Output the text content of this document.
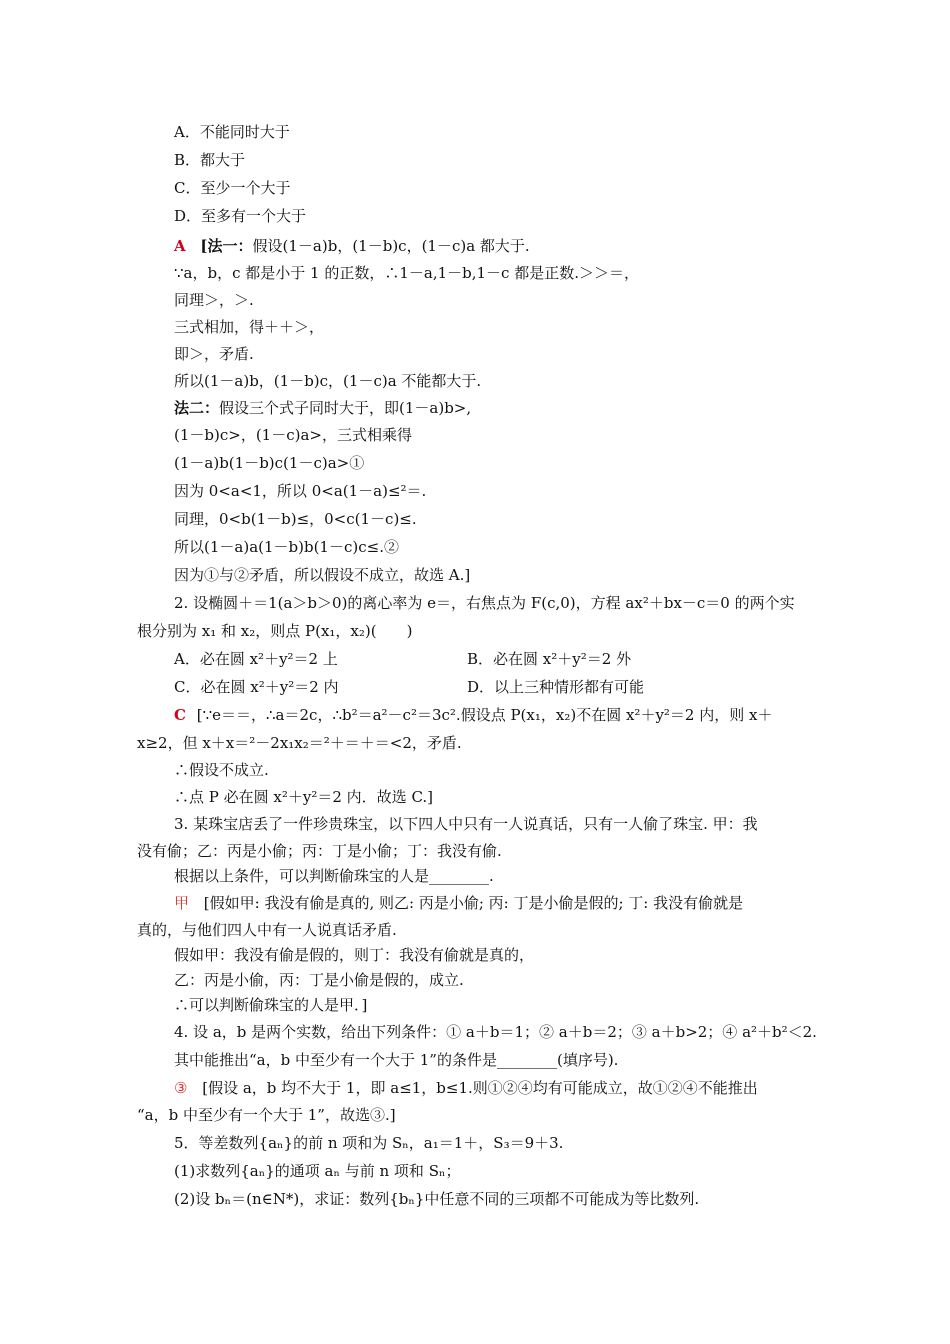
A．不能同时大于
B．都大于
C．至少一个大于
D．至多有一个大于
A [法一：假设(1－a)b，(1－b)c，(1－c)a 都大于.
∵a，b，c 都是小于 1 的正数，∴1－a,1－b,1－c 都是正数.＞＞＝，
同理＞，＞.
三式相加，得＋＋＞，
即＞，矛盾.
所以(1－a)b，(1－b)c，(1－c)a 不能都大于.
法二：假设三个式子同时大于，即(1－a)b>,
(1－b)c>，(1－c)a>，三式相乘得
(1－a)b(1－b)c(1－c)a>①
因为 0<a<1，所以 0<a(1－a)≤²＝.
同理，0<b(1－b)≤，0<c(1－c)≤.
所以(1－a)a(1－b)b(1－c)c≤.②
因为①与②矛盾，所以假设不成立，故选 A.]
2. 设椭圆＋＝1(a＞b＞0)的离心率为 e＝，右焦点为 F(c,0)，方程 ax²＋bx－c＝0 的两个实
根分别为 x₁ 和 x₂，则点 P(x₁，x₂)(　　)
A．必在圆 x²＋y²＝2 上	B．必在圆 x²＋y²＝2 外
C．必在圆 x²＋y²＝2 内	D．以上三种情形都有可能
C [∵e＝＝，∴a＝2c，∴b²＝a²－c²＝3c².假设点 P(x₁，x₂)不在圆 x²＋y²＝2 内，则 x＋
x≥2，但 x＋x＝²－2x₁x₂＝²＋＝＋＝<2，矛盾.
∴假设不成立.
∴点 P 必在圆 x²＋y²＝2 内．故选 C.]
3. 某珠宝店丢了一件珍贵珠宝，以下四人中只有一人说真话，只有一人偷了珠宝. 甲：我
没有偷；乙：丙是小偷；丙：丁是小偷；丁：我没有偷.
根据以上条件，可以判断偷珠宝的人是________.
甲 [假如甲: 我没有偷是真的, 则乙: 丙是小偷; 丙: 丁是小偷是假的; 丁: 我没有偷就是
真的，与他们四人中有一人说真话矛盾.
假如甲：我没有偷是假的，则丁：我没有偷就是真的，
乙：丙是小偷，丙：丁是小偷是假的，成立.
∴可以判断偷珠宝的人是甲．]
4. 设 a，b 是两个实数，给出下列条件：① a＋b＝1；② a＋b＝2；③ a＋b>2；④ a²＋b²＜2.
其中能推出“a，b 中至少有一个大于 1”的条件是________(填序号).
③ [假设 a，b 均不大于 1，即 a≤1，b≤1.则①②④均有可能成立，故①②④不能推出
“a，b 中至少有一个大于 1”，故选③.]
5．等差数列{aₙ}的前 n 项和为 Sₙ，a₁＝1＋，S₃＝9＋3.
(1)求数列{aₙ}的通项 aₙ 与前 n 项和 Sₙ；
(2)设 bₙ＝(n∈N*)，求证：数列{bₙ}中任意不同的三项都不可能成为等比数列.
